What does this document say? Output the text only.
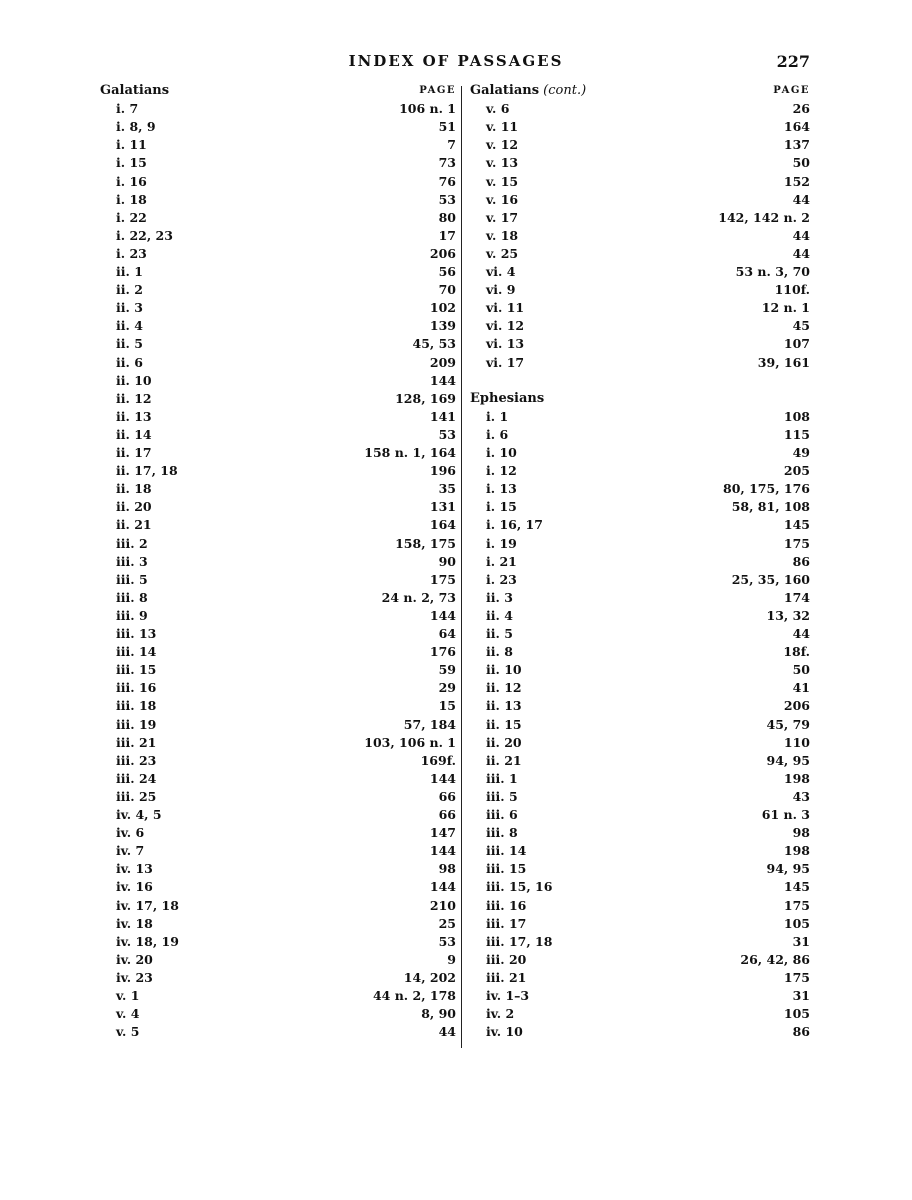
INDEX OF PASSAGES	227
Galatians	PAGE
i. 7	106 n. 1
i. 8, 9	51
i. 11	7
i. 15	73
i. 16	76
i. 18	53
i. 22	80
i. 22, 23	17
i. 23	206
ii. 1	56
ii. 2	70
ii. 3	102
ii. 4	139
ii. 5	45, 53
ii. 6	209
ii. 10	144
ii. 12	128, 169
ii. 13	141
ii. 14	53
ii. 17	158 n. 1, 164
ii. 17, 18	196
ii. 18	35
ii. 20	131
ii. 21	164
iii. 2	158, 175
iii. 3	90
iii. 5	175
iii. 8	24 n. 2, 73
iii. 9	144
iii. 13	64
iii. 14	176
iii. 15	59
iii. 16	29
iii. 18	15
iii. 19	57, 184
iii. 21	103, 106 n. 1
iii. 23	169f.
iii. 24	144
iii. 25	66
iv. 4, 5	66
iv. 6	147
iv. 7	144
iv. 13	98
iv. 16	144
iv. 17, 18	210
iv. 18	25
iv. 18, 19	53
iv. 20	9
iv. 23	14, 202
v. 1	44 n. 2, 178
v. 4	8, 90
v. 5	44
Galatians (cont.)	PAGE
v. 6	26
v. 11	164
v. 12	137
v. 13	50
v. 15	152
v. 16	44
v. 17	142, 142 n. 2
v. 18	44
v. 25	44
vi. 4	53 n. 3, 70
vi. 9	110f.
vi. 11	12 n. 1
vi. 12	45
vi. 13	107
vi. 17	39, 161
Ephesians
i. 1	108
i. 6	115
i. 10	49
i. 12	205
i. 13	80, 175, 176
i. 15	58, 81, 108
i. 16, 17	145
i. 19	175
i. 21	86
i. 23	25, 35, 160
ii. 3	174
ii. 4	13, 32
ii. 5	44
ii. 8	18f.
ii. 10	50
ii. 12	41
ii. 13	206
ii. 15	45, 79
ii. 20	110
ii. 21	94, 95
iii. 1	198
iii. 5	43
iii. 6	61 n. 3
iii. 8	98
iii. 14	198
iii. 15	94, 95
iii. 15, 16	145
iii. 16	175
iii. 17	105
iii. 17, 18	31
iii. 20	26, 42, 86
iii. 21	175
iv. 1–3	31
iv. 2	105
iv. 10	86
